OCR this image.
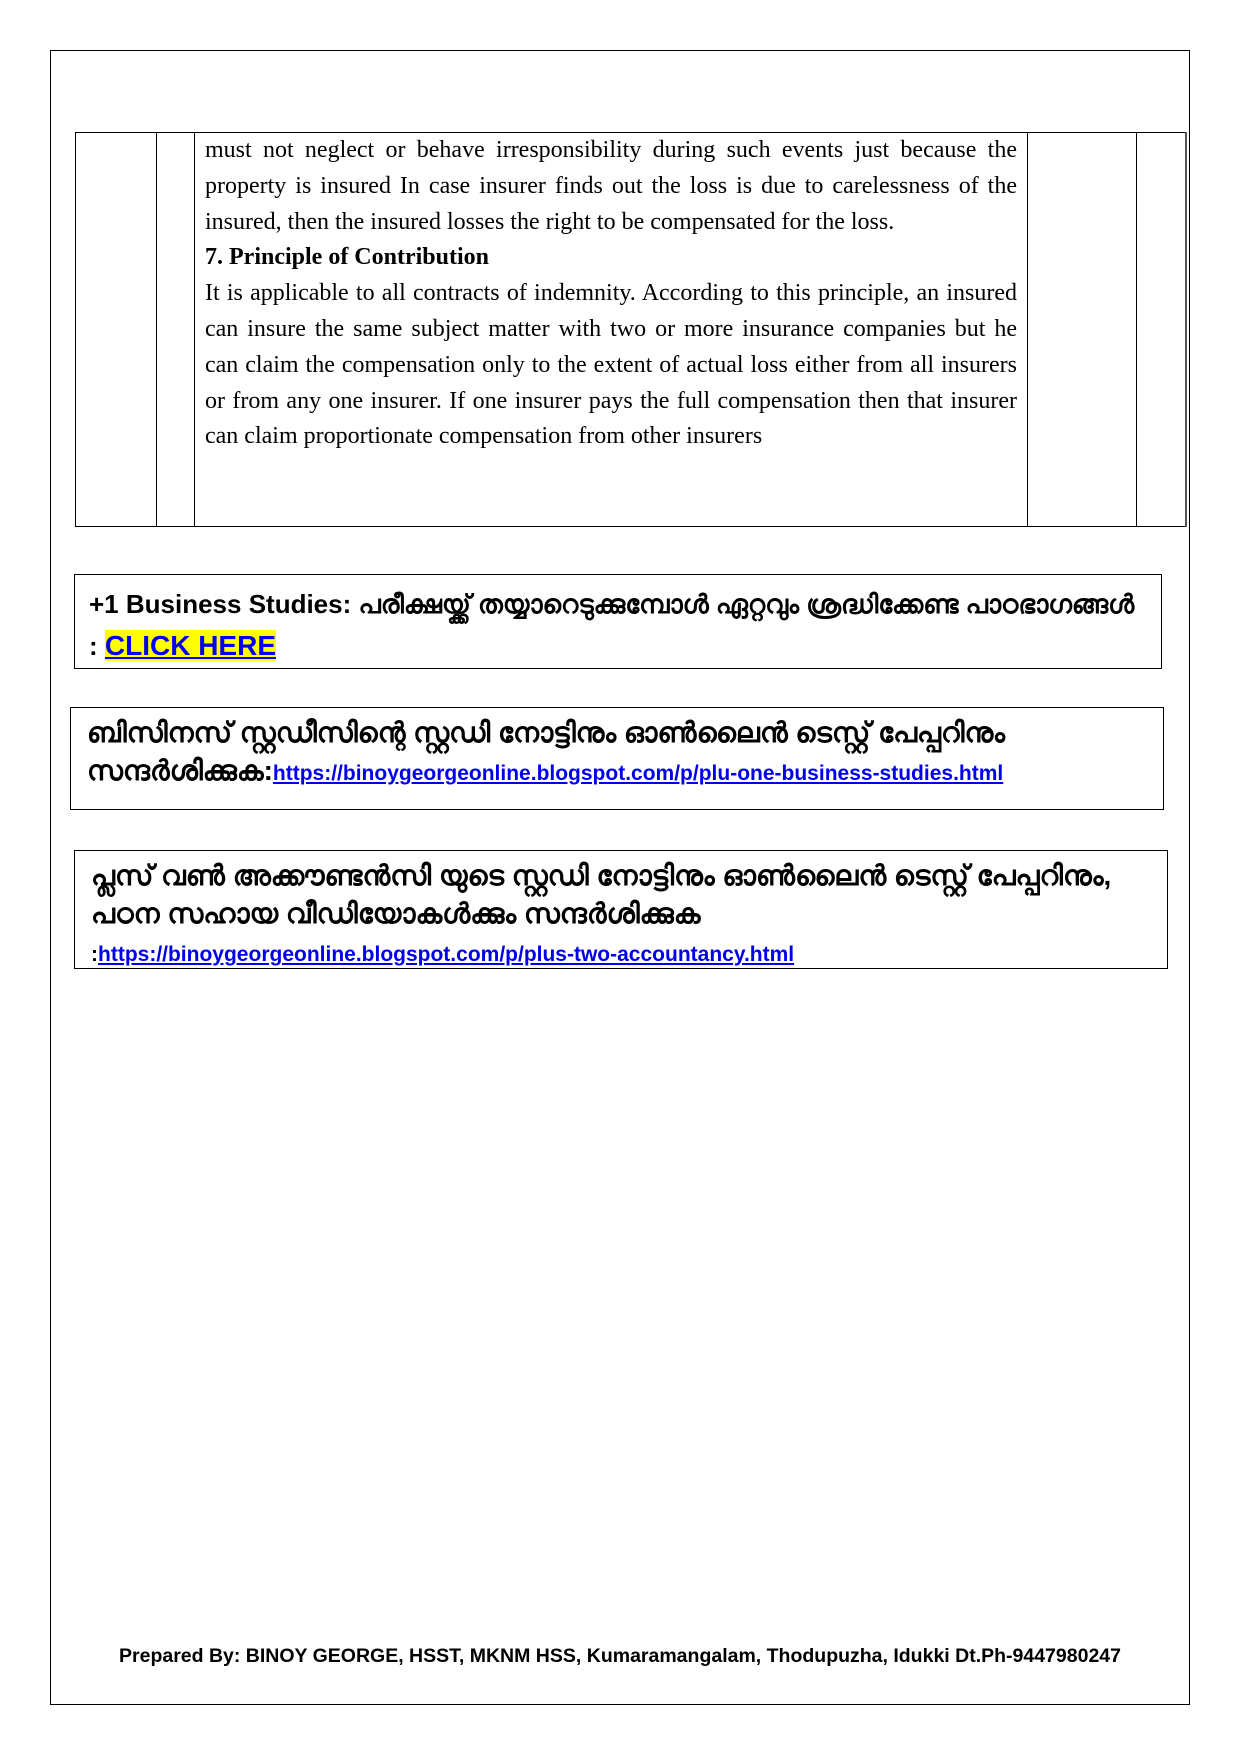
must not neglect or behave irresponsibility during such events just because the property is insured In case insurer finds out the loss is due to carelessness of the insured, then the insured losses the right to be compensated for the loss.

7. Principle of Contribution

It is applicable to all contracts of indemnity. According to this principle, an insured can insure the same subject matter with two or more insurance companies but he can claim the compensation only to the extent of actual loss either from all insurers or from any one insurer. If one insurer pays the full compensation then that insurer can claim proportionate compensation from other insurers

+1 Business Studies: പരീക്ഷയ്ക്ക് തയ്യാറെടുക്കുമ്പോൾ ഏറ്റവും ശ്രദ്ധിക്കേണ്ട പാഠഭാഗങ്ങൾ : CLICK HERE
ബിസിനസ് സ്റ്റഡീസിന്റെ സ്റ്റഡി നോട്ടിനും ഓൺലൈൻ ടെസ്റ്റ് പേപ്പറിനും സന്ദർശിക്കുക:https://binoygeorgeonline.blogspot.com/p/plu-one-business-studies.html
പ്ലസ് വൺ അക്കൗണ്ടൻസി യുടെ സ്റ്റഡി നോട്ടിനും ഓൺലൈൻ ടെസ്റ്റ് പേപ്പറിനും, പഠന സഹായ വീഡിയോകൾക്കും സന്ദർശിക്കുക
:https://binoygeorgeonline.blogspot.com/p/plus-two-accountancy.html
Prepared By: BINOY GEORGE, HSST, MKNM HSS, Kumaramangalam, Thodupuzha, Idukki Dt.Ph-9447980247
